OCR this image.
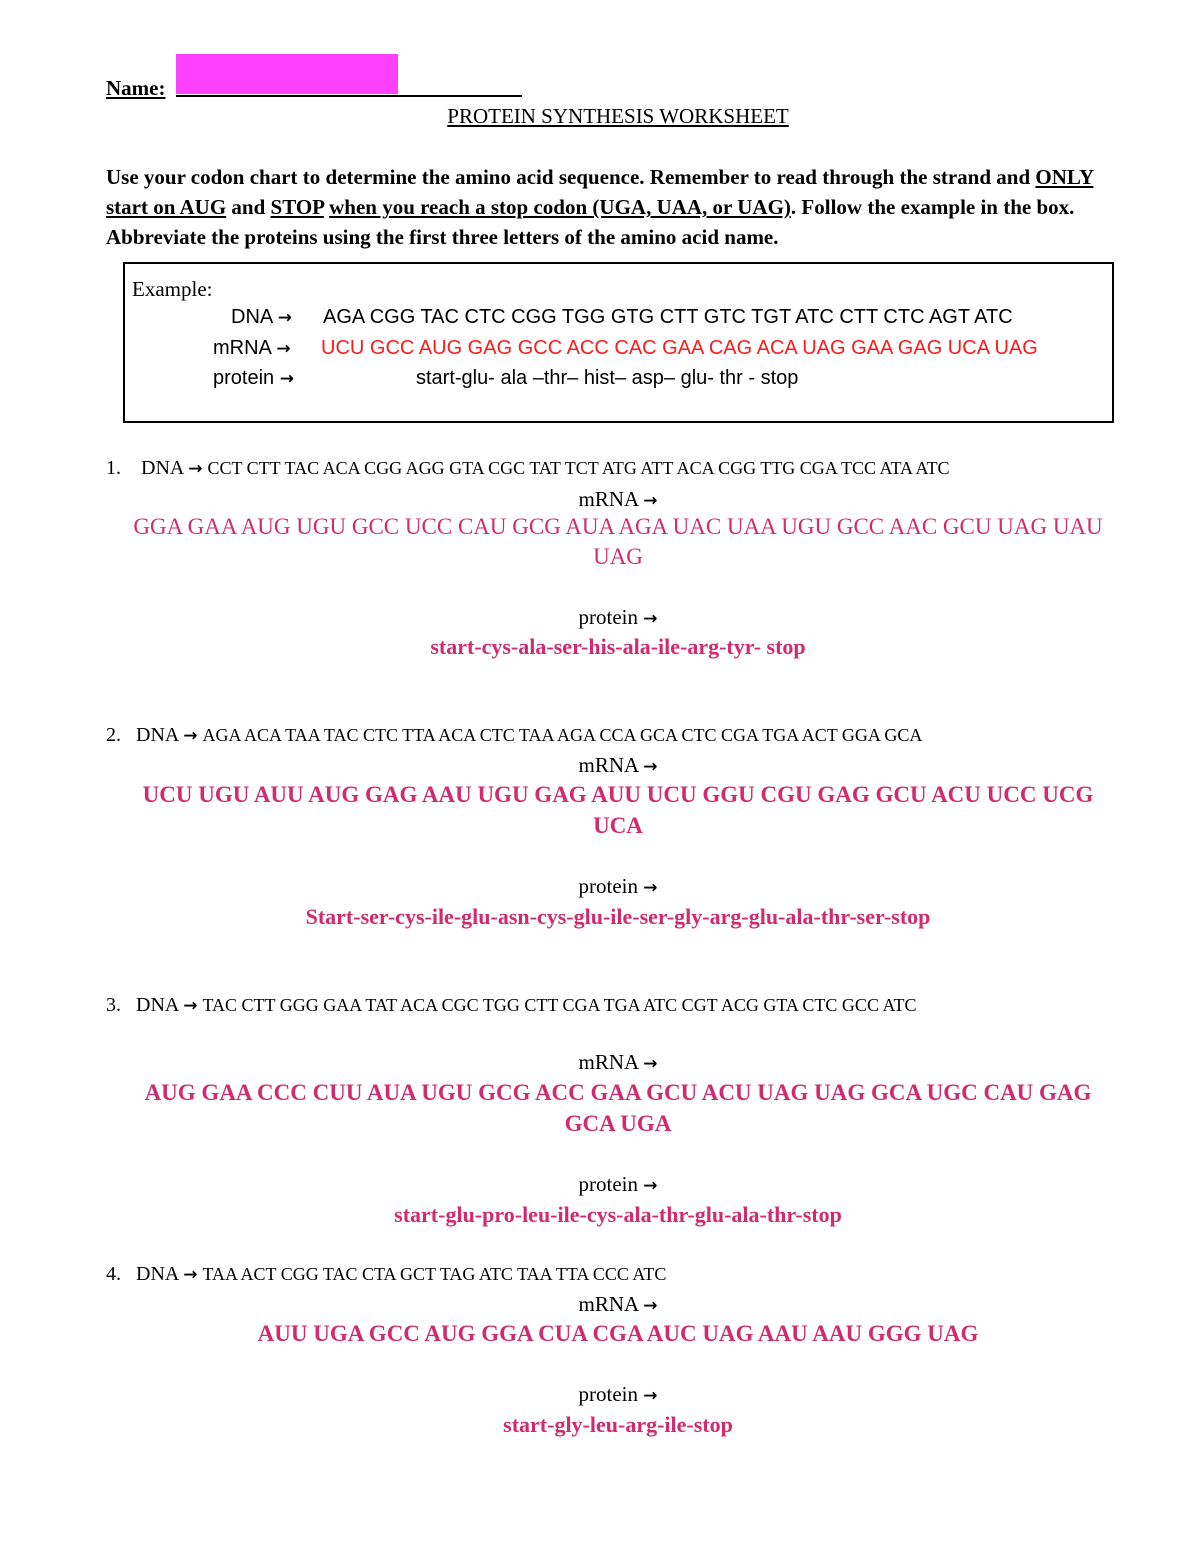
Name:
PROTEIN SYNTHESIS WORKSHEET
Use your codon chart to determine the amino acid sequence. Remember to read through the strand and ONLY start on AUG and STOP when you reach a stop codon (UGA, UAA, or UAG). Follow the example in the box. Abbreviate the proteins using the first three letters of the amino acid name.
Example:
DNA → AGA CGG TAC CTC CGG TGG GTG CTT GTC TGT ATC CTT CTC AGT ATC
mRNA → UCU GCC AUG GAG GCC ACC CAC GAA CAG ACA UAG GAA GAG UCA UAG
protein →	start-glu- ala –thr– hist– asp– glu- thr - stop
1. DNA → CCT CTT TAC ACA CGG AGG GTA CGC TAT TCT ATG ATT ACA CGG TTG CGA TCC ATA ATC
mRNA →
GGA GAA AUG UGU GCC UCC CAU GCG AUA AGA UAC UAA UGU GCC AAC GCU UAG UAU
UAG
protein →
start-cys-ala-ser-his-ala-ile-arg-tyr- stop
2. DNA → AGA ACA TAA TAC CTC TTA ACA CTC TAA AGA CCA GCA CTC CGA TGA ACT GGA GCA
mRNA →
UCU UGU AUU AUG GAG AAU UGU GAG AUU UCU GGU CGU GAG GCU ACU UCC UCG
UCA
protein →
Start-ser-cys-ile-glu-asn-cys-glu-ile-ser-gly-arg-glu-ala-thr-ser-stop
3. DNA → TAC CTT GGG GAA TAT ACA CGC TGG CTT CGA TGA ATC CGT ACG GTA CTC GCC ATC
mRNA →
AUG GAA CCC CUU AUA UGU GCG ACC GAA GCU ACU UAG UAG GCA UGC CAU GAG
GCA UGA
protein →
start-glu-pro-leu-ile-cys-ala-thr-glu-ala-thr-stop
4. DNA → TAA ACT CGG TAC CTA GCT TAG ATC TAA TTA CCC ATC
mRNA →
AUU UGA GCC AUG GGA CUA CGA AUC UAG AAU AAU GGG UAG
protein →
start-gly-leu-arg-ile-stop
